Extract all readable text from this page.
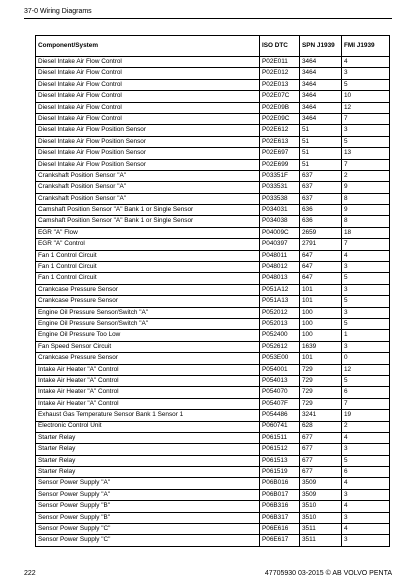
37-0 Wiring Diagrams
Component/System	ISO DTC	SPN J1939	FMI J1939
Diesel Intake Air Flow Control	P02E011	3464	4
Diesel Intake Air Flow Control	P02E012	3464	3
Diesel Intake Air Flow Control	P02E013	3464	5
Diesel Intake Air Flow Control	P02E07C	3464	10
Diesel Intake Air Flow Control	P02E09B	3464	12
Diesel Intake Air Flow Control	P02E09C	3464	7
Diesel Intake Air Flow Position Sensor	P02E612	51	3
Diesel Intake Air Flow Position Sensor	P02E613	51	5
Diesel Intake Air Flow Position Sensor	P02E697	51	13
Diesel Intake Air Flow Position Sensor	P02E699	51	7
Crankshaft Position Sensor "A"	P03351F	637	2
Crankshaft Position Sensor "A"	P033531	637	9
Crankshaft Position Sensor "A"	P033538	637	8
Camshaft Position Sensor "A" Bank 1 or Single Sensor	P034031	636	9
Camshaft Position Sensor "A" Bank 1 or Single Sensor	P034038	636	8
EGR "A" Flow	P04009C	2659	18
EGR "A" Control	P040397	2791	7
Fan 1 Control Circuit	P048011	647	4
Fan 1 Control Circuit	P048012	647	3
Fan 1 Control Circuit	P048013	647	5
Crankcase Pressure Sensor	P051A12	101	3
Crankcase Pressure Sensor	P051A13	101	5
Engine Oil Pressure Sensor/Switch "A"	P052012	100	3
Engine Oil Pressure Sensor/Switch "A"	P052013	100	5
Engine Oil Pressure Too Low	P052400	100	1
Fan Speed Sensor Circuit	P052612	1639	3
Crankcase Pressure Sensor	P053E00	101	0
Intake Air Heater "A" Control	P054001	729	12
Intake Air Heater "A" Control	P054013	729	5
Intake Air Heater "A" Control	P054070	729	6
Intake Air Heater "A" Control	P05407F	729	7
Exhaust Gas Temperature Sensor Bank 1 Sensor 1	P054486	3241	19
Electronic Control Unit	P060741	628	2
Starter Relay	P061511	677	4
Starter Relay	P061512	677	3
Starter Relay	P061513	677	5
Starter Relay	P061519	677	6
Sensor Power Supply "A"	P06B016	3509	4
Sensor Power Supply "A"	P06B017	3509	3
Sensor Power Supply "B"	P06B316	3510	4
Sensor Power Supply "B"	P06B317	3510	3
Sensor Power Supply "C"	P06E616	3511	4
Sensor Power Supply "C"	P06E617	3511	3
222	47705930 03-2015 © AB VOLVO PENTA
